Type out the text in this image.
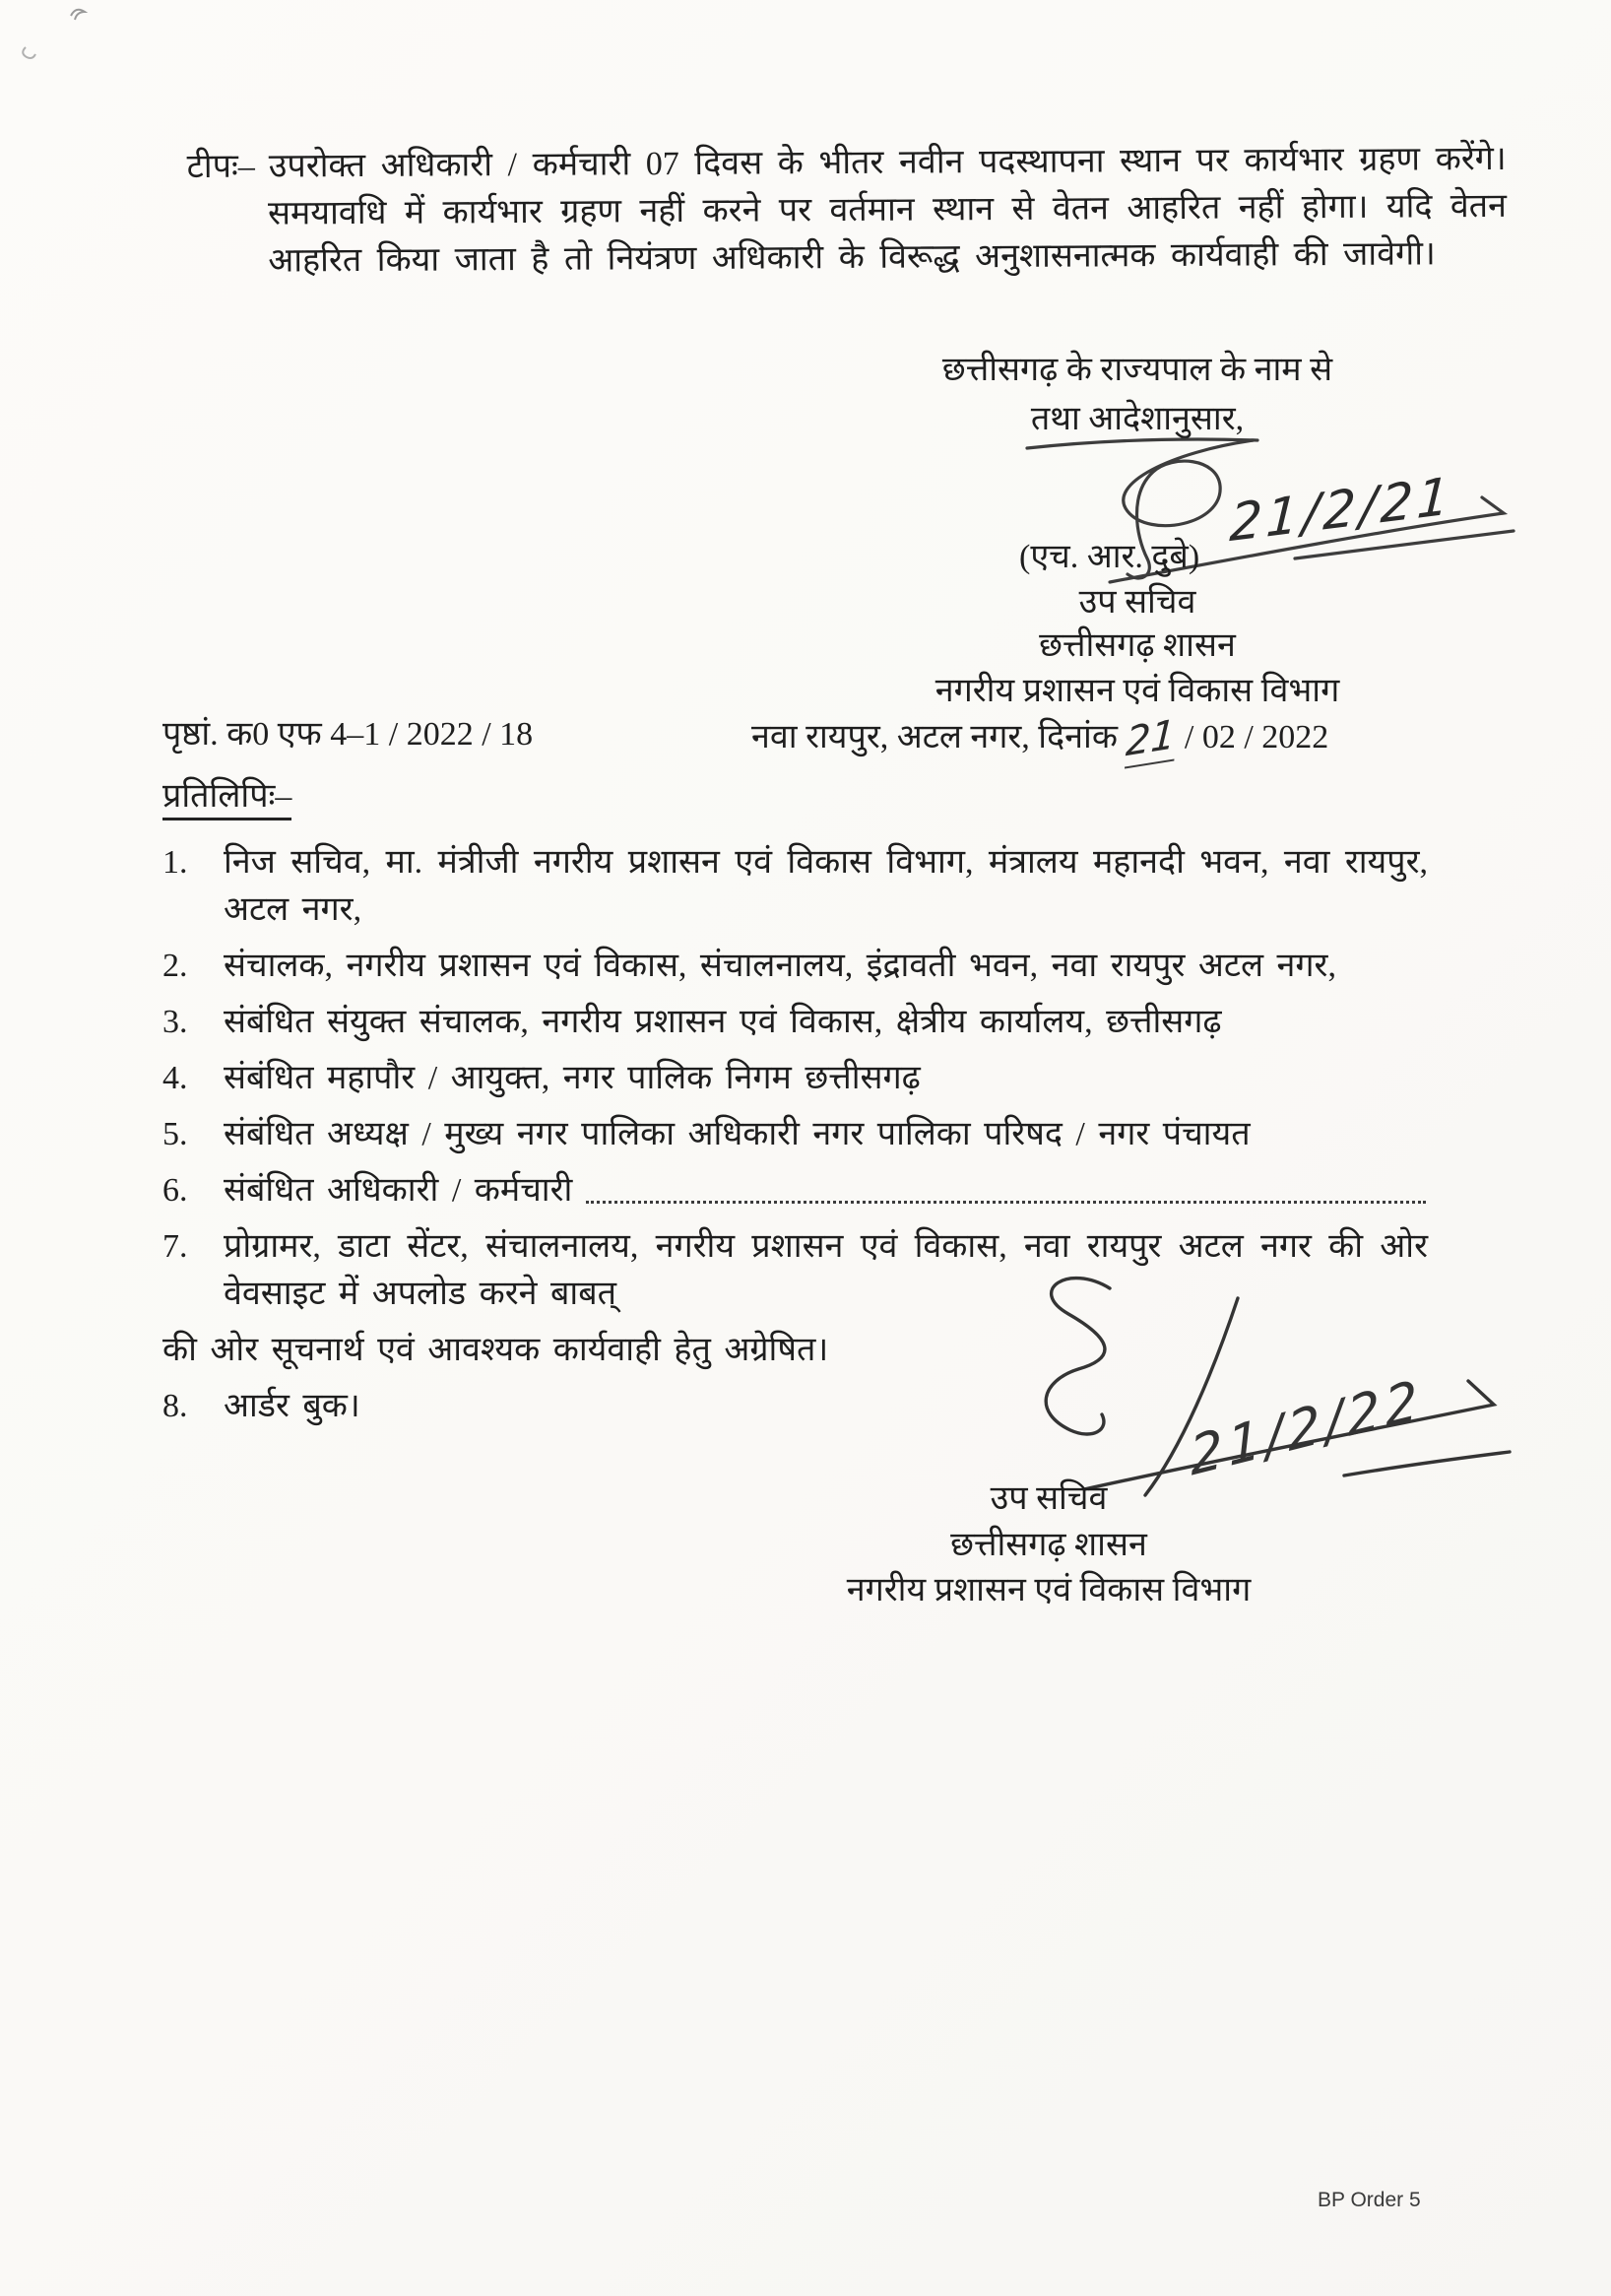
टीपः– उपरोक्त अधिकारी / कर्मचारी 07 दिवस के भीतर नवीन पदस्थापना स्थान पर कार्यभार ग्रहण करेंगे। समयावधि में कार्यभार ग्रहण नहीं करने पर वर्तमान स्थान से वेतन आहरित नहीं होगा। यदि वेतन आहरित किया जाता है तो नियंत्रण अधिकारी के विरूद्ध अनुशासनात्मक कार्यवाही की जावेगी।
छत्तीसगढ़ के राज्यपाल के नाम से
तथा आदेशानुसार,
21/2/21
(एच. आर. दुबे)
उप सचिव
छत्तीसगढ़ शासन
नगरीय प्रशासन एवं विकास विभाग
पृष्ठां. क0 एफ 4–1 / 2022 / 18	नवा रायपुर, अटल नगर, दिनांक 21 / 02 / 2022
प्रतिलिपिः–
1.	निज सचिव, मा. मंत्रीजी नगरीय प्रशासन एवं विकास विभाग, मंत्रालय महानदी भवन, नवा रायपुर, अटल नगर,
2.	संचालक, नगरीय प्रशासन एवं विकास, संचालनालय, इंद्रावती भवन, नवा रायपुर अटल नगर,
3.	संबंधित संयुक्त संचालक, नगरीय प्रशासन एवं विकास, क्षेत्रीय कार्यालय, छत्तीसगढ़
4.	संबंधित महापौर / आयुक्त, नगर पालिक निगम छत्तीसगढ़
5.	संबंधित अध्यक्ष / मुख्य नगर पालिका अधिकारी नगर पालिका परिषद / नगर पंचायत
6.	संबंधित अधिकारी / कर्मचारी
7.	प्रोग्रामर, डाटा सेंटर, संचालनालय, नगरीय प्रशासन एवं विकास, नवा रायपुर अटल नगर की ओर वेवसाइट में अपलोड करने बाबत्
की ओर सूचनार्थ एवं आवश्यक कार्यवाही हेतु अग्रेषित।
8.	आर्डर बुक।	21/2/22
उप सचिव
छत्तीसगढ़ शासन
नगरीय प्रशासन एवं विकास विभाग
BP Order 5
